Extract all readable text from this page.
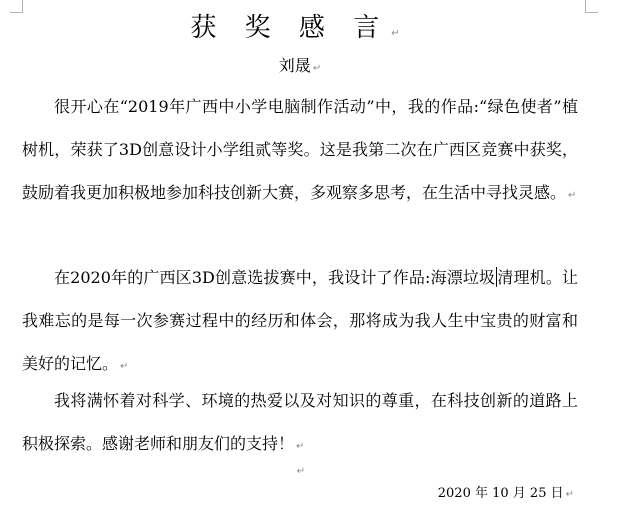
获 奖 感 言 ↵
刘晟 ↵

很开心在“2019年广西中小学电脑制作活动”中，我的作品:“绿色使者”植树机，荣获了3D创意设计小学组贰等奖。这是我第二次在广西区竞赛中获奖，鼓励着我更加积极地参加科技创新大赛，多观察多思考，在生活中寻找灵感。 ↵

在2020年的广西区3D创意选拔赛中，我设计了作品:海漂垃圾 清理机。让我难忘的是每一次参赛过程中的经历和体会，那将成为我人生中宝贵的财富和美好的记忆。 ↵

我将满怀着对科学、环境的热爱以及对知识的尊重，在科技创新的道路上积极探索。感谢老师和朋友们的支持！ ↵

↵
2020 年 10 月 25 日 ↵
